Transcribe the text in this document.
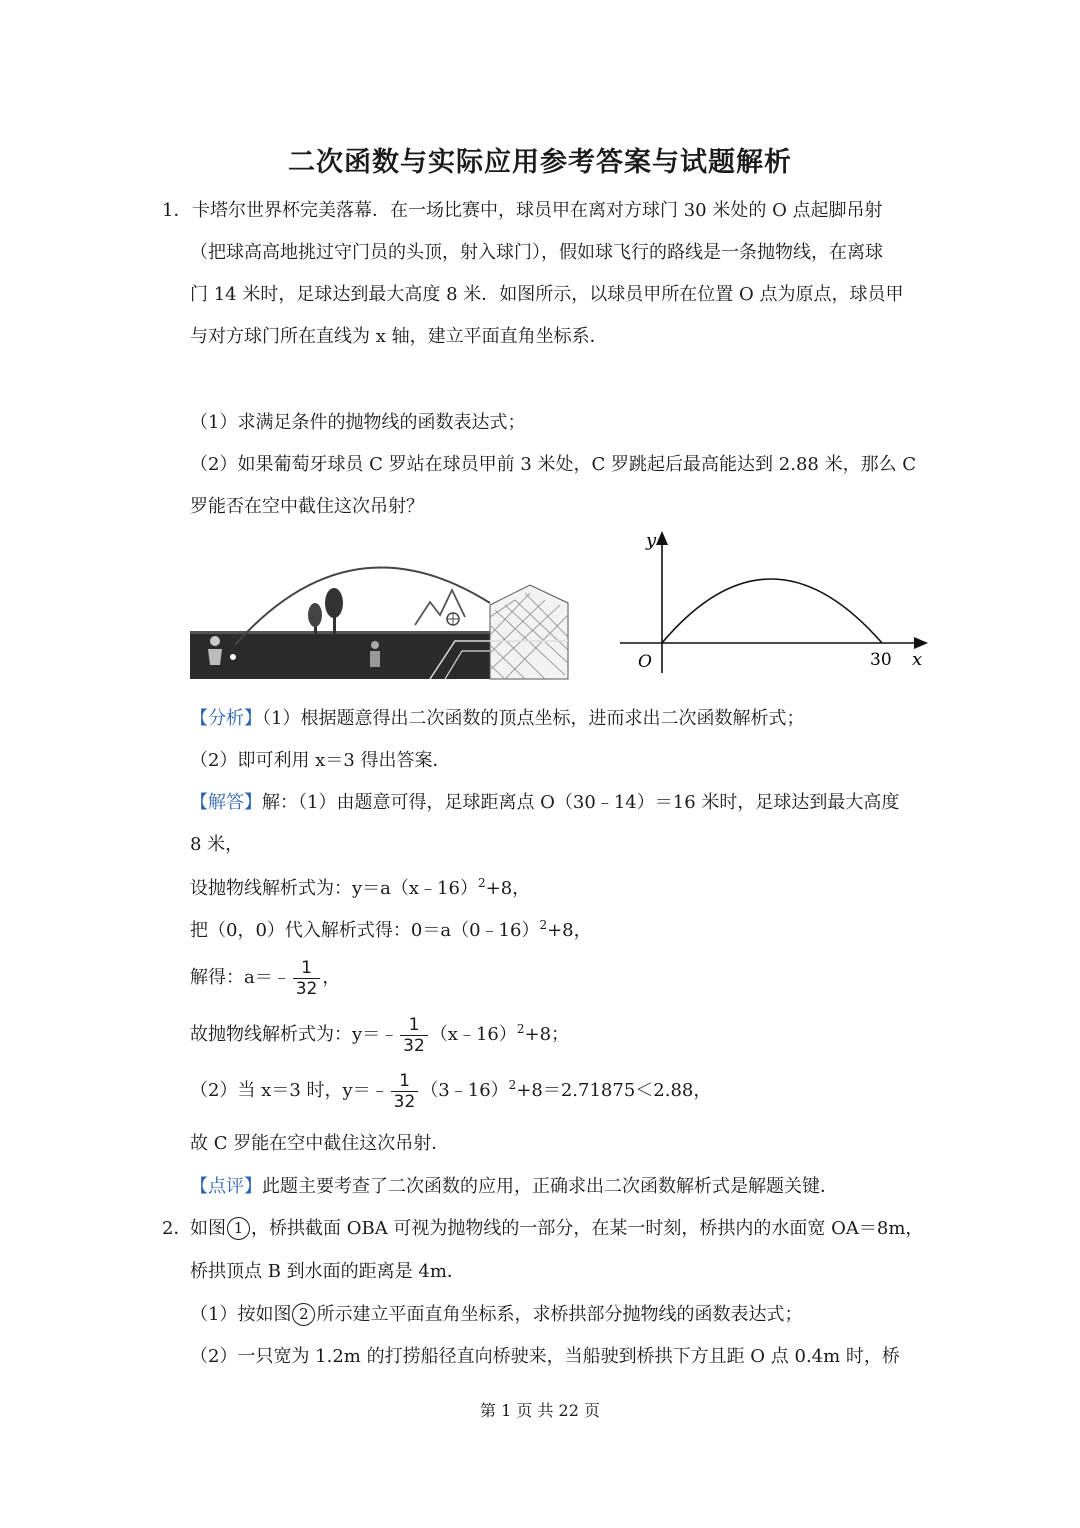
二次函数与实际应用参考答案与试题解析
1． 卡塔尔世界杯完美落幕．在一场比赛中，球员甲在离对方球门 30 米处的 O 点起脚吊射
（把球高高地挑过守门员的头顶，射入球门），假如球飞行的路线是一条抛物线，在离球
门 14 米时，足球达到最大高度 8 米．如图所示，以球员甲所在位置 O 点为原点，球员甲
与对方球门所在直线为 x 轴，建立平面直角坐标系．
（1）求满足条件的抛物线的函数表达式；
（2）如果葡萄牙球员 C 罗站在球员甲前 3 米处，C 罗跳起后最高能达到 2.88 米，那么 C
罗能否在空中截住这次吊射？
y
x
O	30
【分析】（1）根据题意得出二次函数的顶点坐标，进而求出二次函数解析式；
（2）即可利用 x＝3 得出答案．
【解答】解：（1）由题意可得，足球距离点 O（30﹣14）＝16 米时，足球达到最大高度
8 米，
设抛物线解析式为：y＝a（x﹣16）$^2$+8，
把（0，0）代入解析式得：0＝a（0﹣16）$^2$+8，
解得：a＝﹣ $\frac{1}{32}$ ，
故抛物线解析式为：y＝﹣ $\frac{1}{32}$ （x﹣16）$^2$+8；
（2）当 x＝3 时，y＝﹣ $\frac{1}{32}$ （3﹣16）$^2$+8＝2.71875＜2.88，
故 C 罗能在空中截住这次吊射．
【点评】此题主要考查了二次函数的应用，正确求出二次函数解析式是解题关键．
2．
如图 1 ，桥拱截面 OBA 可视为抛物线的一部分，在某一时刻，桥拱内的水面宽 OA＝8m，
桥拱顶点 B 到水面的距离是 4m．
（1）按如图 2 所示建立平面直角坐标系，求桥拱部分抛物线的函数表达式；
（2）一只宽为 1.2m 的打捞船径直向桥驶来，当船驶到桥拱下方且距 O 点 0.4m 时，桥
第 1 页 共 22 页
